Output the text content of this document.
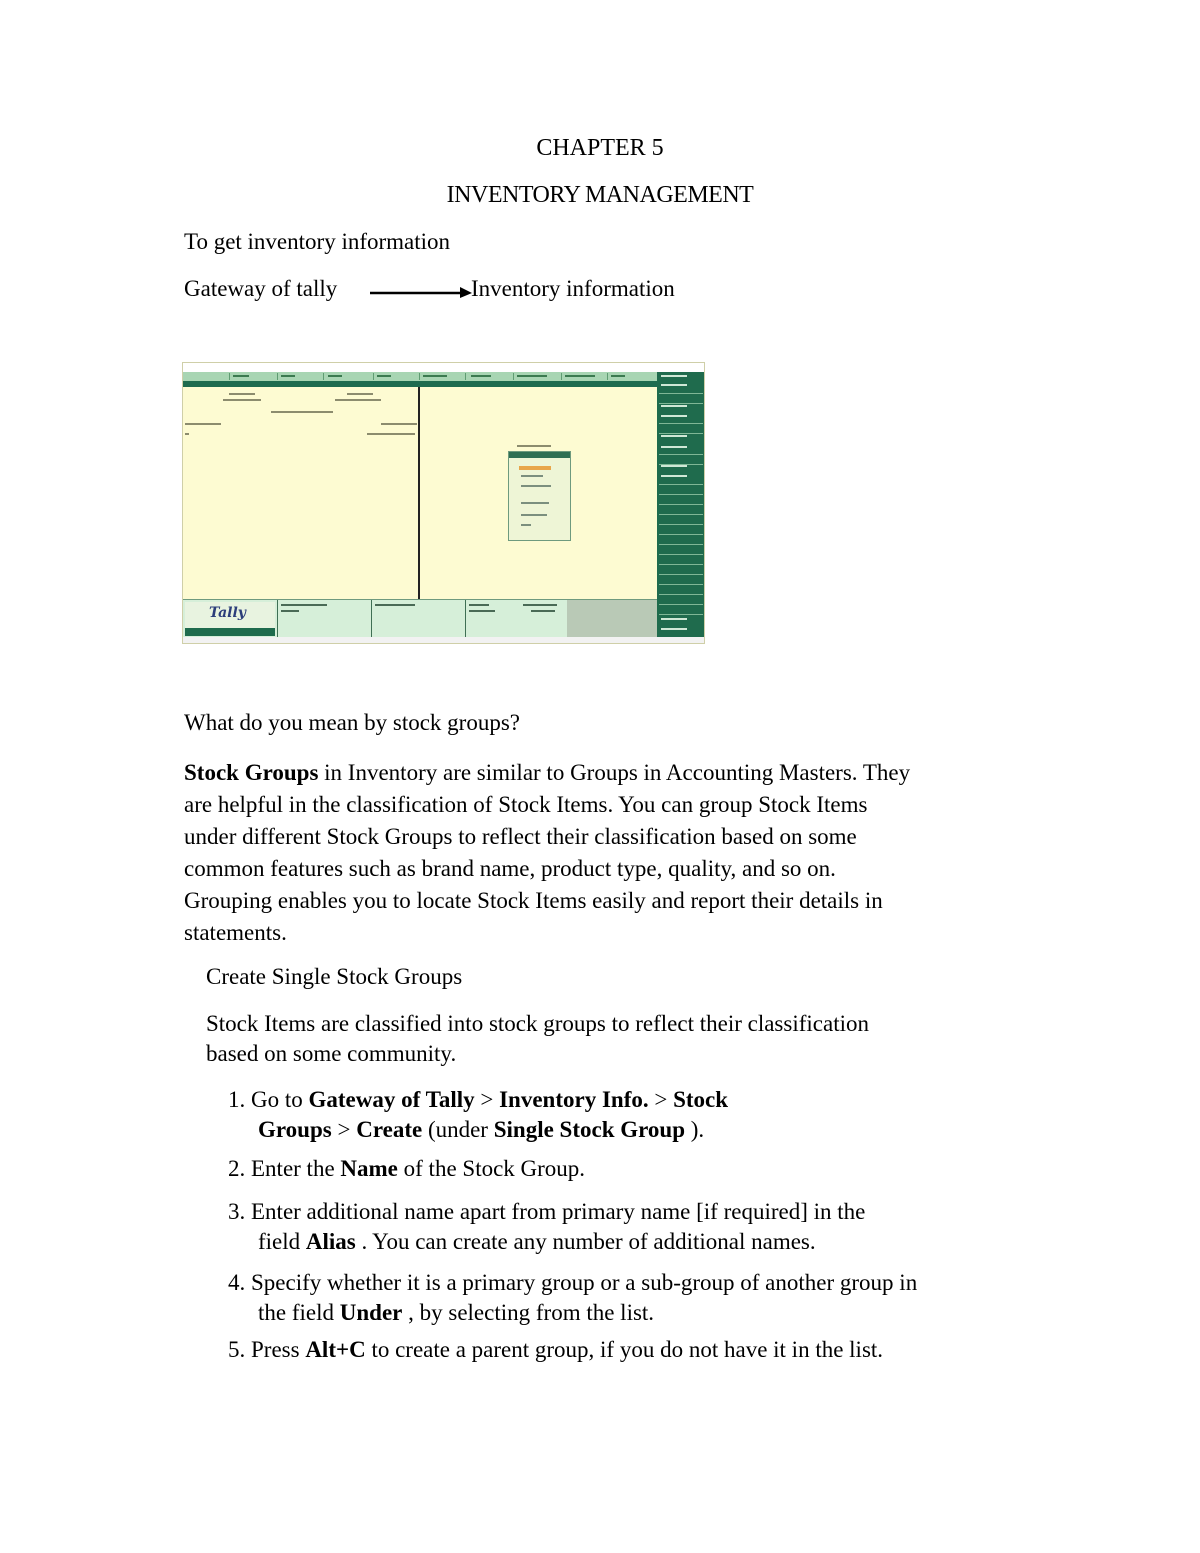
CHAPTER 5
INVENTORY MANAGEMENT
To get inventory information
Gateway of tally	Inventory information
Tally
What do you mean by stock groups?
Stock Groups in Inventory are similar to Groups in Accounting Masters. They
are helpful in the classification of Stock Items. You can group Stock Items
under different Stock Groups to reflect their classification based on some
common features such as brand name, product type, quality, and so on.
Grouping enables you to locate Stock Items easily and report their details in
statements.
Create Single Stock Groups
Stock Items are classified into stock groups to reflect their classification
based on some community.
1. Go to Gateway of Tally > Inventory Info. > Stock
Groups > Create (under Single Stock Group ).
2. Enter the Name of the Stock Group.
3. Enter additional name apart from primary name [if required] in the
field Alias . You can create any number of additional names.
4. Specify whether it is a primary group or a sub-group of another group in
the field Under , by selecting from the list.
5. Press Alt+C to create a parent group, if you do not have it in the list.
